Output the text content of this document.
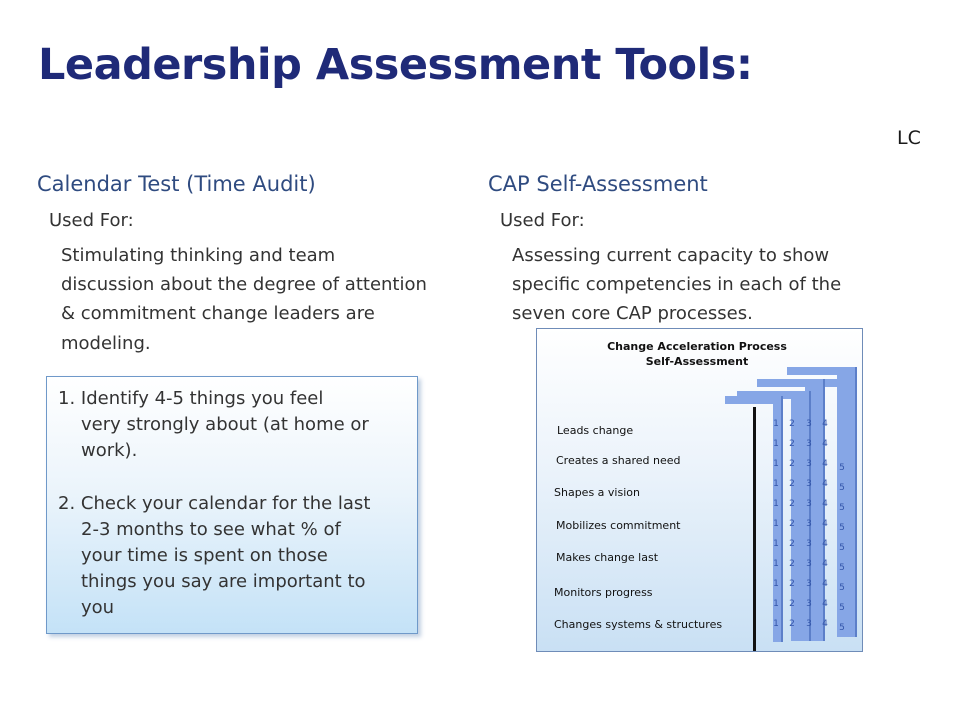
Leadership Assessment Tools:
LC
Calendar Test (Time Audit)
Used For:
Stimulating thinking and team
discussion about the degree of attention
& commitment change leaders are
modeling.
1. Identify 4-5 things you feel
very strongly about (at home or
work).
2. Check your calendar for the last
2-3 months to see what % of
your time is spent on those
things you say are important to
you
CAP Self-Assessment
Used For:
Assessing current capacity to show
specific competencies in each of the
seven core CAP processes.
Change Acceleration Process
Self-Assessment
Leads change
Creates a shared need
Shapes a vision
Mobilizes commitment
Makes change last
Monitors progress
Changes systems & structures
1 2 3 4
1 2 3 4
1 2 3 4 5
1 2 3 4 5
1 2 3 4 5
1 2 3 4 5
1 2 3 4 5
1 2 3 4 5
1 2 3 4 5
1 2 3 4 5
1 2 3 4 5
